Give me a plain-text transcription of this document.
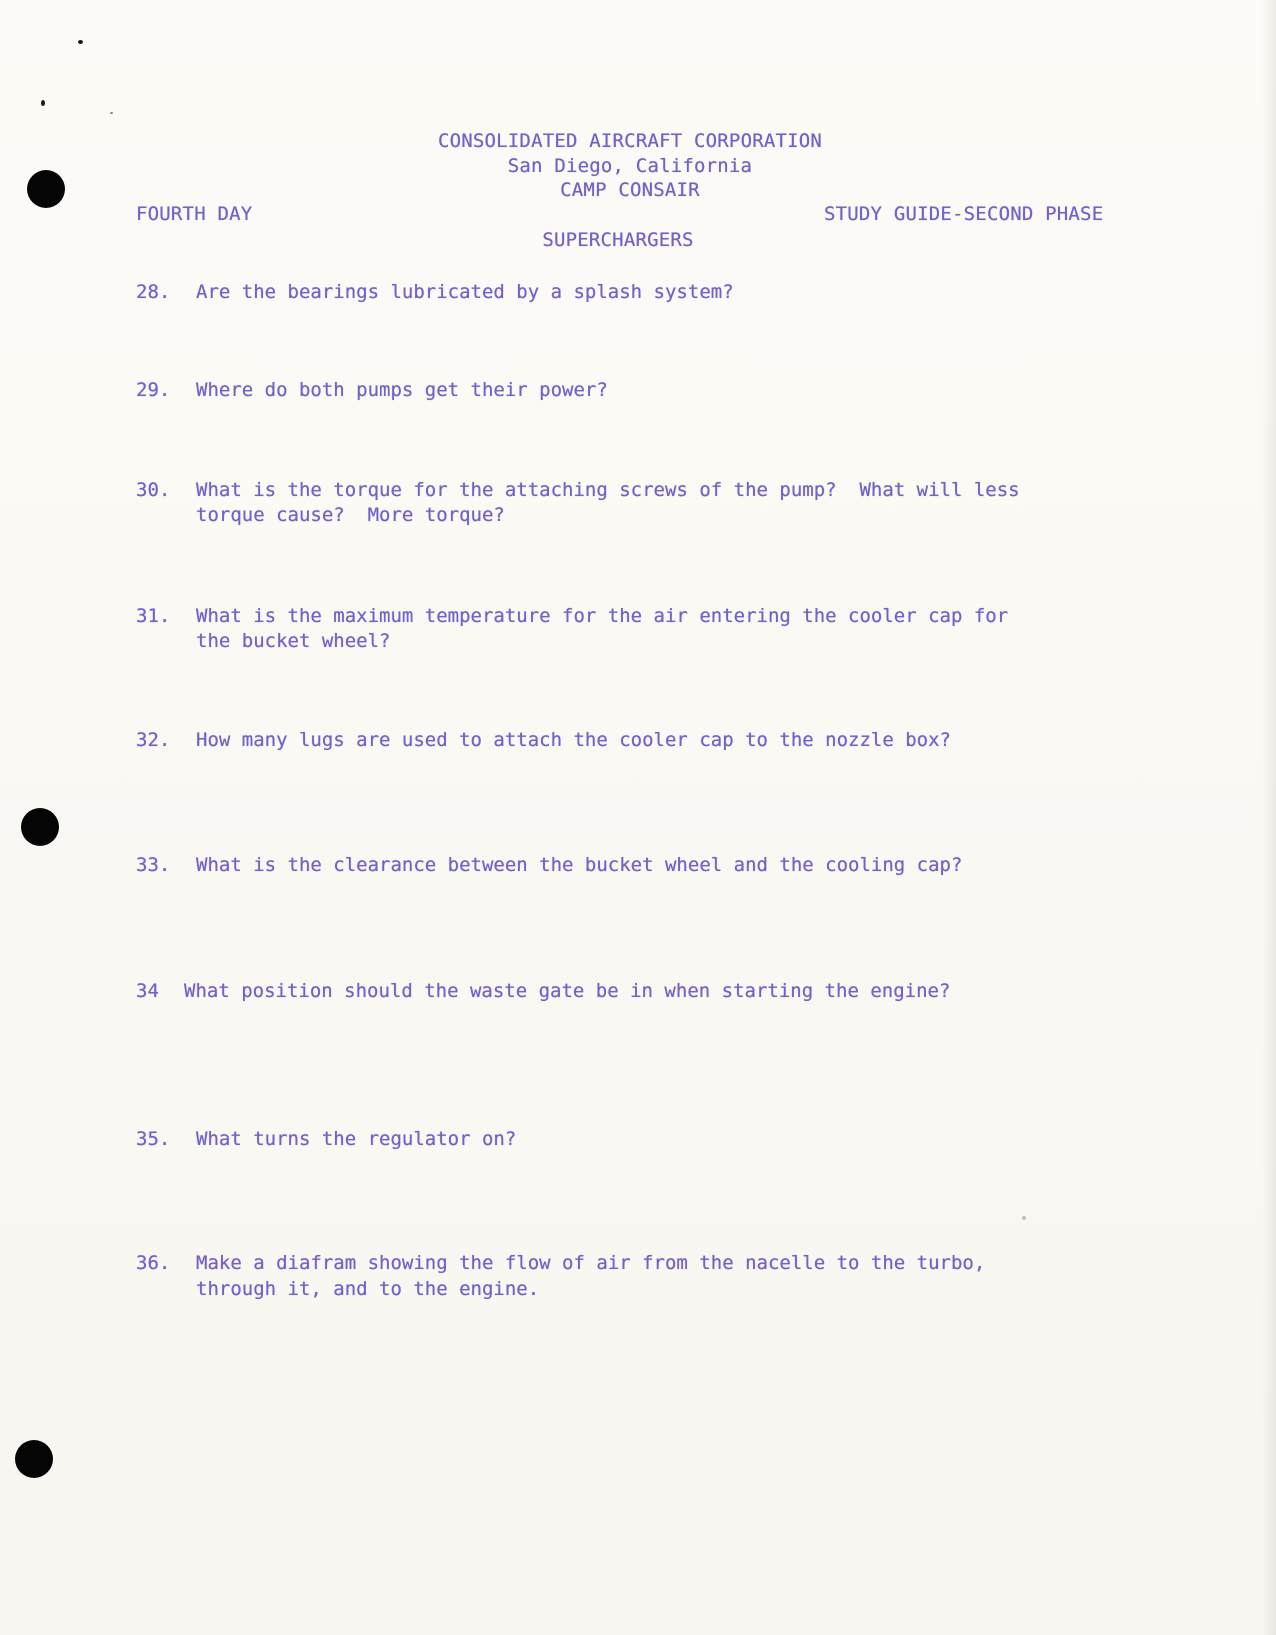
CONSOLIDATED AIRCRAFT CORPORATION
San Diego, California
CAMP CONSAIR
FOURTH DAY	STUDY GUIDE-SECOND PHASE
SUPERCHARGERS
28. Are the bearings lubricated by a splash system?
29. Where do both pumps get their power?
30. What is the torque for the attaching screws of the pump?  What will less
torque cause?  More torque?
31. What is the maximum temperature for the air entering the cooler cap for
the bucket wheel?
32. How many lugs are used to attach the cooler cap to the nozzle box?
33. What is the clearance between the bucket wheel and the cooling cap?
34 What position should the waste gate be in when starting the engine?
35. What turns the regulator on?
36. Make a diafram showing the flow of air from the nacelle to the turbo,
through it, and to the engine.
